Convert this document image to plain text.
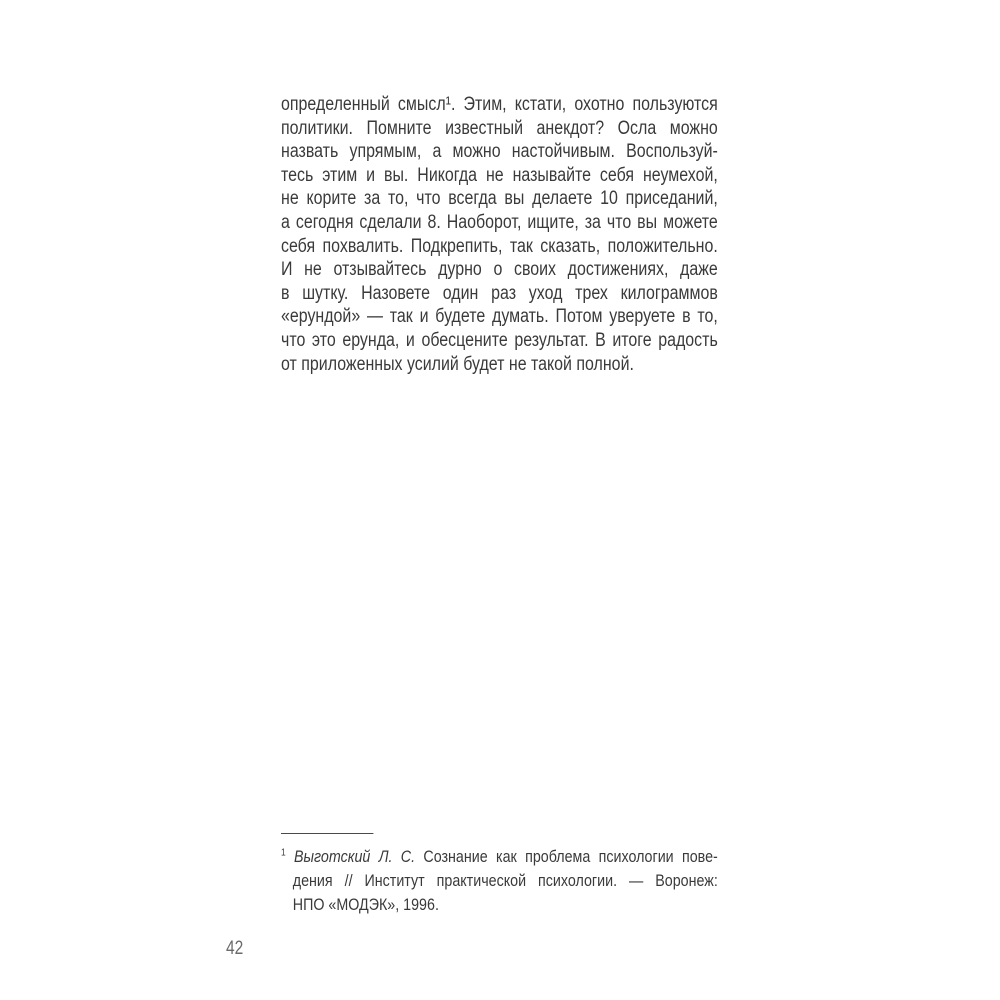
определенный смысл¹. Этим, кстати, охотно пользуются
политики. Помните известный анекдот? Осла можно
назвать упрямым, а можно настойчивым. Воспользуй-
тесь этим и вы. Никогда не называйте себя неумехой,
не корите за то, что всегда вы делаете 10 приседаний,
а сегодня сделали 8. Наоборот, ищите, за что вы можете
себя похвалить. Подкрепить, так сказать, положительно.
И не отзывайтесь дурно о своих достижениях, даже
в шутку. Назовете один раз уход трех килограммов
«ерундой» — так и будете думать. Потом уверуете в то,
что это ерунда, и обесцените результат. В итоге радость
от приложенных усилий будет не такой полной.
$^1$ Выготский Л. С. Сознание как проблема психологии пове-
дения // Институт практической психологии. — Воронеж:
НПО «МОДЭК», 1996.
42
